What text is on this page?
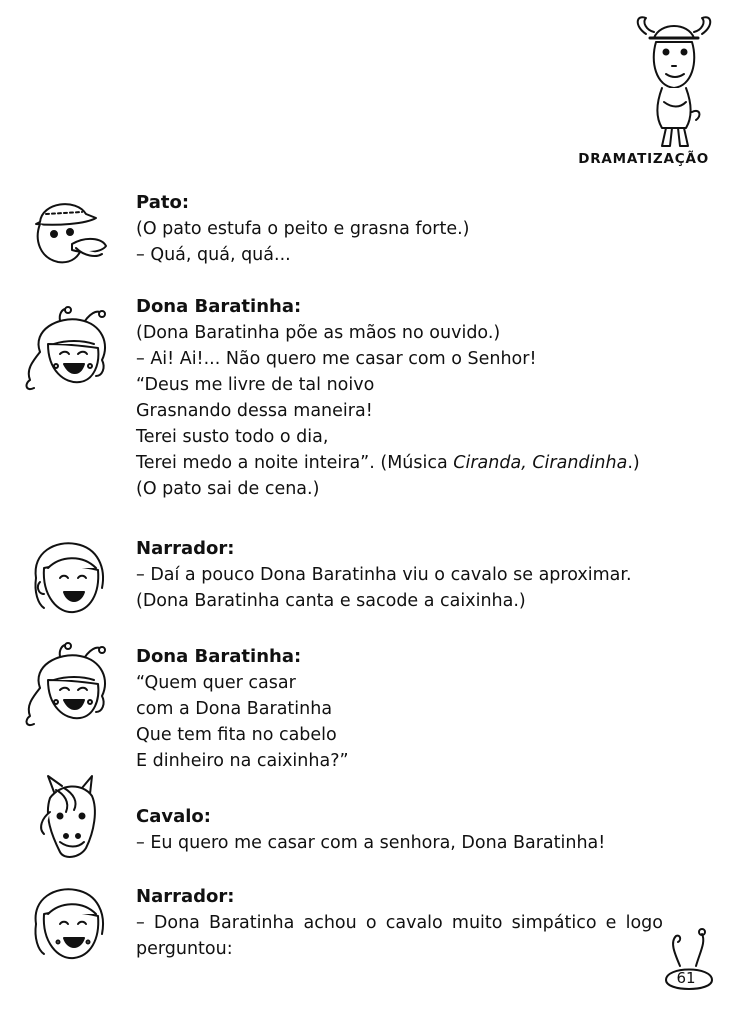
DRAMATIZAÇÃO
Pato:
(O pato estufa o peito e grasna forte.)
– Quá, quá, quá...
Dona Baratinha:
(Dona Baratinha põe as mãos no ouvido.)
– Ai! Ai!... Não quero me casar com o Senhor!
“Deus me livre de tal noivo
Grasnando dessa maneira!
Terei susto todo o dia,
Terei medo a noite inteira”. (Música Ciranda, Cirandinha.)
(O pato sai de cena.)
Narrador:
– Daí a pouco Dona Baratinha viu o cavalo se aproximar.
(Dona Baratinha canta e sacode a caixinha.)
Dona Baratinha:
“Quem quer casar
com a Dona Baratinha
Que tem fita no cabelo
E dinheiro na caixinha?”
Cavalo:
– Eu quero me casar com a senhora, Dona Baratinha!
Narrador:
– Dona Baratinha achou o cavalo muito simpático e logo perguntou:
61
